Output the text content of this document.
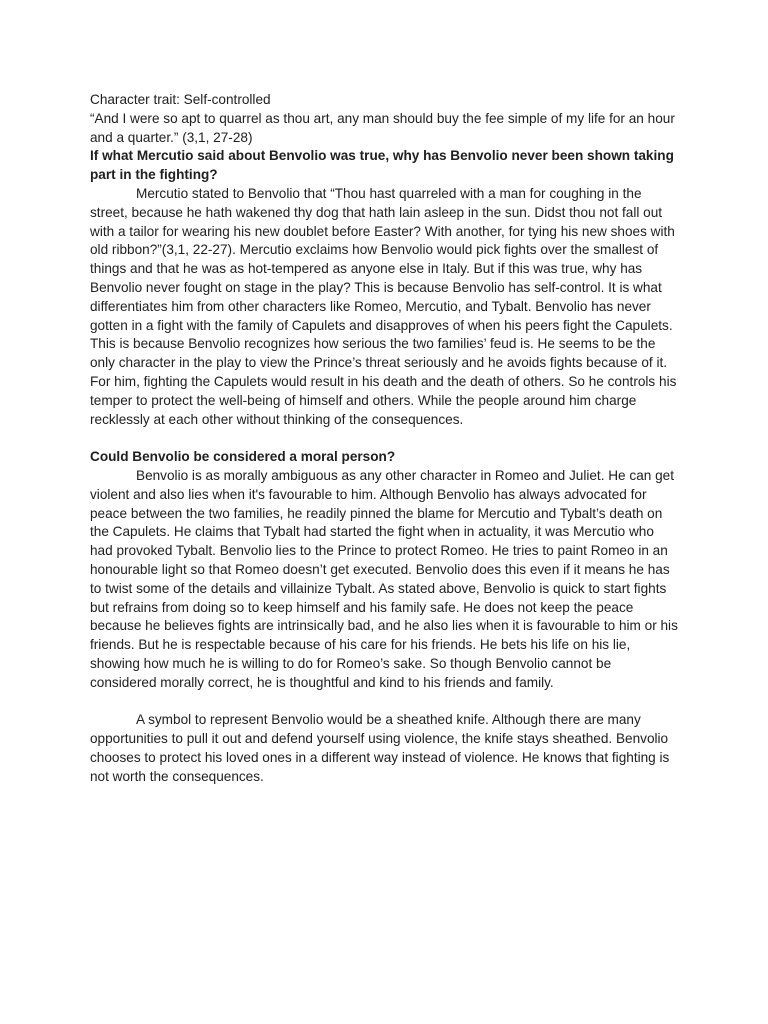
Character trait: Self-controlled

“And I were so apt to quarrel as thou art, any man should buy the fee simple of my life for an hour and a quarter.” (3,1, 27-28)

If what Mercutio said about Benvolio was true, why has Benvolio never been shown taking part in the fighting?

Mercutio stated to Benvolio that “Thou hast quarreled with a man for coughing in the street, because he hath wakened thy dog that hath lain asleep in the sun. Didst thou not fall out with a tailor for wearing his new doublet before Easter? With another, for tying his new shoes with old ribbon?”(3,1, 22-27). Mercutio exclaims how Benvolio would pick fights over the smallest of things and that he was as hot-tempered as anyone else in Italy. But if this was true, why has Benvolio never fought on stage in the play? This is because Benvolio has self-control. It is what differentiates him from other characters like Romeo, Mercutio, and Tybalt. Benvolio has never gotten in a fight with the family of Capulets and disapproves of when his peers fight the Capulets. This is because Benvolio recognizes how serious the two families’ feud is. He seems to be the only character in the play to view the Prince’s threat seriously and he avoids fights because of it. For him, fighting the Capulets would result in his death and the death of others. So he controls his temper to protect the well-being of himself and others. While the people around him charge recklessly at each other without thinking of the consequences.

Could Benvolio be considered a moral person?

Benvolio is as morally ambiguous as any other character in Romeo and Juliet. He can get violent and also lies when it's favourable to him. Although Benvolio has always advocated for peace between the two families, he readily pinned the blame for Mercutio and Tybalt’s death on the Capulets. He claims that Tybalt had started the fight when in actuality, it was Mercutio who had provoked Tybalt. Benvolio lies to the Prince to protect Romeo. He tries to paint Romeo in an honourable light so that Romeo doesn’t get executed. Benvolio does this even if it means he has to twist some of the details and villainize Tybalt. As stated above, Benvolio is quick to start fights but refrains from doing so to keep himself and his family safe. He does not keep the peace because he believes fights are intrinsically bad, and he also lies when it is favourable to him or his friends. But he is respectable because of his care for his friends. He bets his life on his lie, showing how much he is willing to do for Romeo’s sake. So though Benvolio cannot be considered morally correct, he is thoughtful and kind to his friends and family.

A symbol to represent Benvolio would be a sheathed knife. Although there are many opportunities to pull it out and defend yourself using violence, the knife stays sheathed. Benvolio chooses to protect his loved ones in a different way instead of violence. He knows that fighting is not worth the consequences.
